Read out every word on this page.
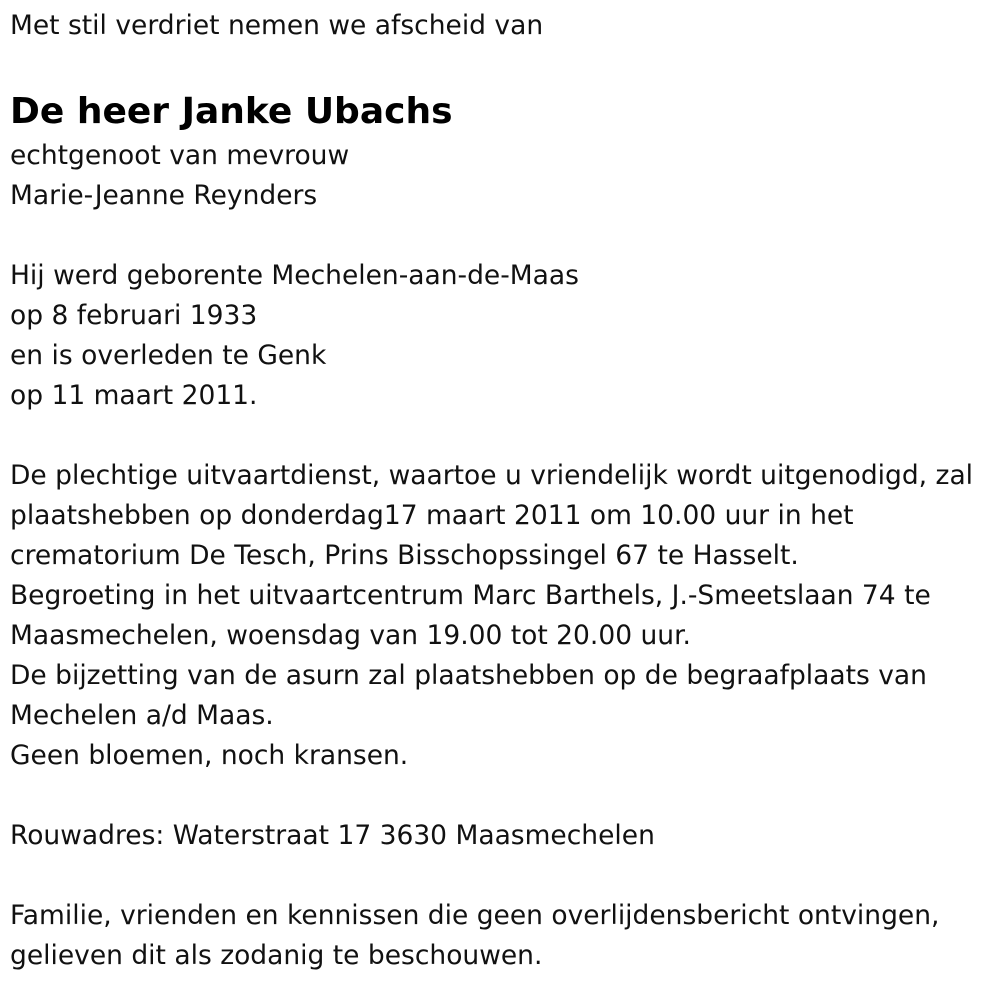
Met stil verdriet nemen we afscheid van
De heer Janke Ubachs
echtgenoot van mevrouw
Marie-Jeanne Reynders
Hij werd geborente Mechelen-aan-de-Maas
op 8 februari 1933
en is overleden te Genk
op 11 maart 2011.
De plechtige uitvaartdienst, waartoe u vriendelijk wordt uitgenodigd, zal
plaatshebben op donderdag17 maart 2011 om 10.00 uur in het
crematorium De Tesch, Prins Bisschopssingel 67 te Hasselt.
Begroeting in het uitvaartcentrum Marc Barthels, J.-Smeetslaan 74 te
Maasmechelen, woensdag van 19.00 tot 20.00 uur.
De bijzetting van de asurn zal plaatshebben op de begraafplaats van
Mechelen a/d Maas.
Geen bloemen, noch kransen.
Rouwadres: Waterstraat 17 3630 Maasmechelen
Familie, vrienden en kennissen die geen overlijdensbericht ontvingen,
gelieven dit als zodanig te beschouwen.
